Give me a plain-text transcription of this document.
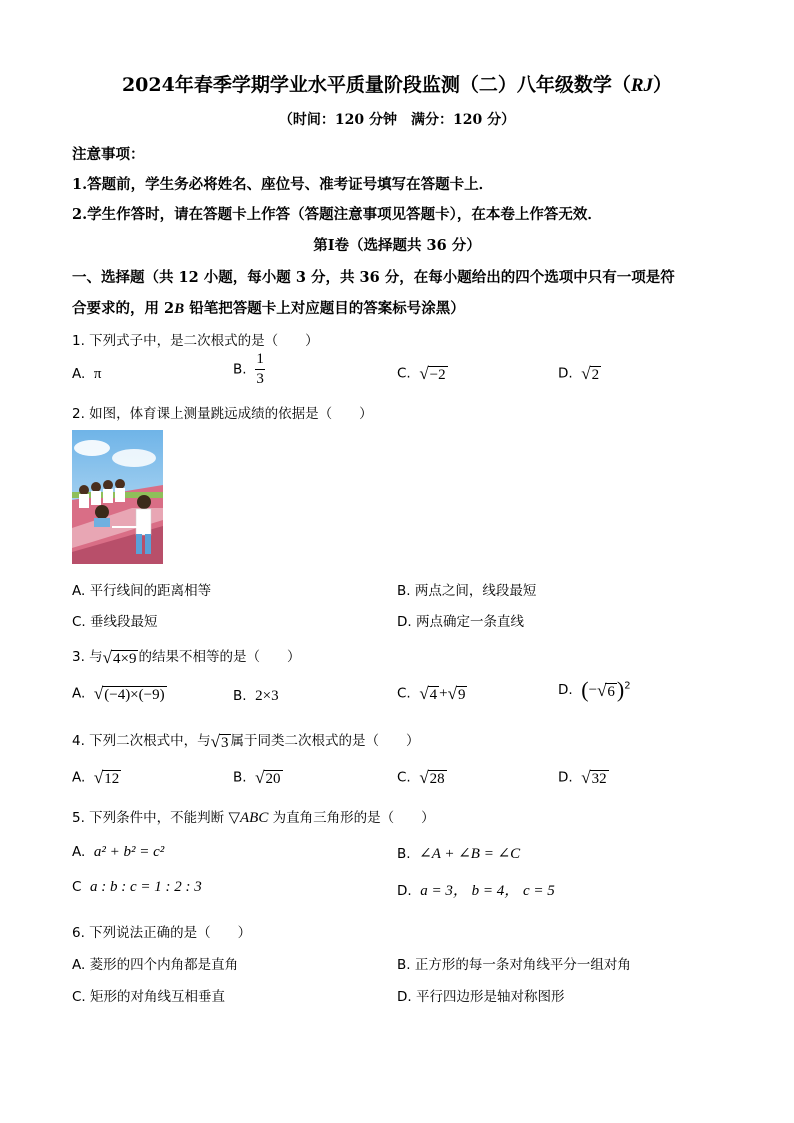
2024年春季学期学业水平质量阶段监测（二）八年级数学（RJ）
（时间：120 分钟　满分：120 分）
注意事项：
1.答题前，学生务必将姓名、座位号、准考证号填写在答题卡上．
2.学生作答时，请在答题卡上作答（答题注意事项见答题卡），在本卷上作答无效．
第Ⅰ卷（选择题共 36 分）
一、选择题（共 12 小题，每小题 3 分，共 36 分，在每小题给出的四个选项中只有一项是符
合要求的，用 2B 铅笔把答题卡上对应题目的答案标号涂黑）
1. 下列式子中，是二次根式的是（　　）
A. π	B. $\frac{1}{3}$	C. √ −2	D. √ 2
2. 如图，体育课上测量跳远成绩的依据是（　　）
A. 平行线间的距离相等	B. 两点之间，线段最短
C. 垂线段最短	D. 两点确定一条直线
3. 与 √ 4×9 的结果不相等的是（　　）
A. √ (−4)×(−9)	B. 2×3	C. √ 4 + √ 9	D. (− √ 6 )$^2$
4. 下列二次根式中，与 √ 3 属于同类二次根式的是（　　）
A. √ 12	B. √ 20	C. √ 28	D. √ 32
5. 下列条件中，不能判断 ▽ABC 为直角三角形的是（　　）
A. a² + b² = c²	B. ∠A + ∠B = ∠C
C a : b : c = 1 : 2 : 3	D. a = 3， b = 4， c = 5
6. 下列说法正确的是（　　）
A. 菱形的四个内角都是直角	B. 正方形的每一条对角线平分一组对角
C. 矩形的对角线互相垂直	D. 平行四边形是轴对称图形
